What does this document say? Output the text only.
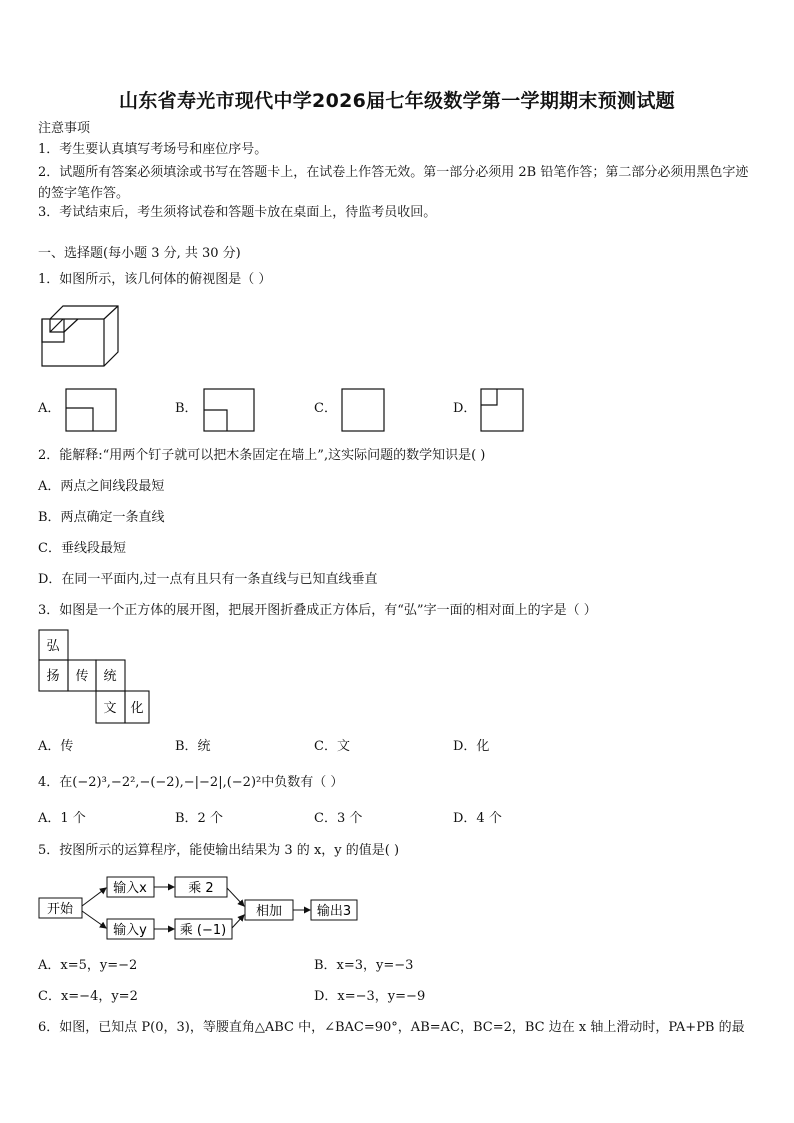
山东省寿光市现代中学2026届七年级数学第一学期期末预测试题
注意事项
1．考生要认真填写考场号和座位序号。
2．试题所有答案必须填涂或书写在答题卡上，在试卷上作答无效。第一部分必须用 2B 铅笔作答；第二部分必须用黑色字迹的签字笔作答。
3．考试结束后，考生须将试卷和答题卡放在桌面上，待监考员收回。
一、选择题(每小题 3 分, 共 30 分)
1．如图所示，该几何体的俯视图是（ ）
A．	B．	C．	D．
2．能解释:“用两个钉子就可以把木条固定在墙上”,这实际问题的数学知识是( )
A．两点之间线段最短
B．两点确定一条直线
C．垂线段最短
D．在同一平面内,过一点有且只有一条直线与已知直线垂直
3．如图是一个正方体的展开图，把展开图折叠成正方体后，有“弘”字一面的相对面上的字是（ ）
弘
扬 传 统
文 化
A．传	B．统	C．文	D．化
4．在(−2)³,−2²,−(−2),−|−2|,(−2)²中负数有（ ）
A．1 个	B．2 个	C．3 个	D．4 个
5．按图所示的运算程序，能使输出结果为 3 的 x，y 的值是( )
开始
输入x	乘 2
输入y	乘 (−1)
相加	输出3
A．x=5，y=−2	B．x=3，y=−3
C．x=−4，y=2	D．x=−3，y=−9
6．如图，已知点 P(0，3)，等腰直角△ABC 中，∠BAC=90°，AB=AC，BC=2，BC 边在 x 轴上滑动时，PA+PB 的最
